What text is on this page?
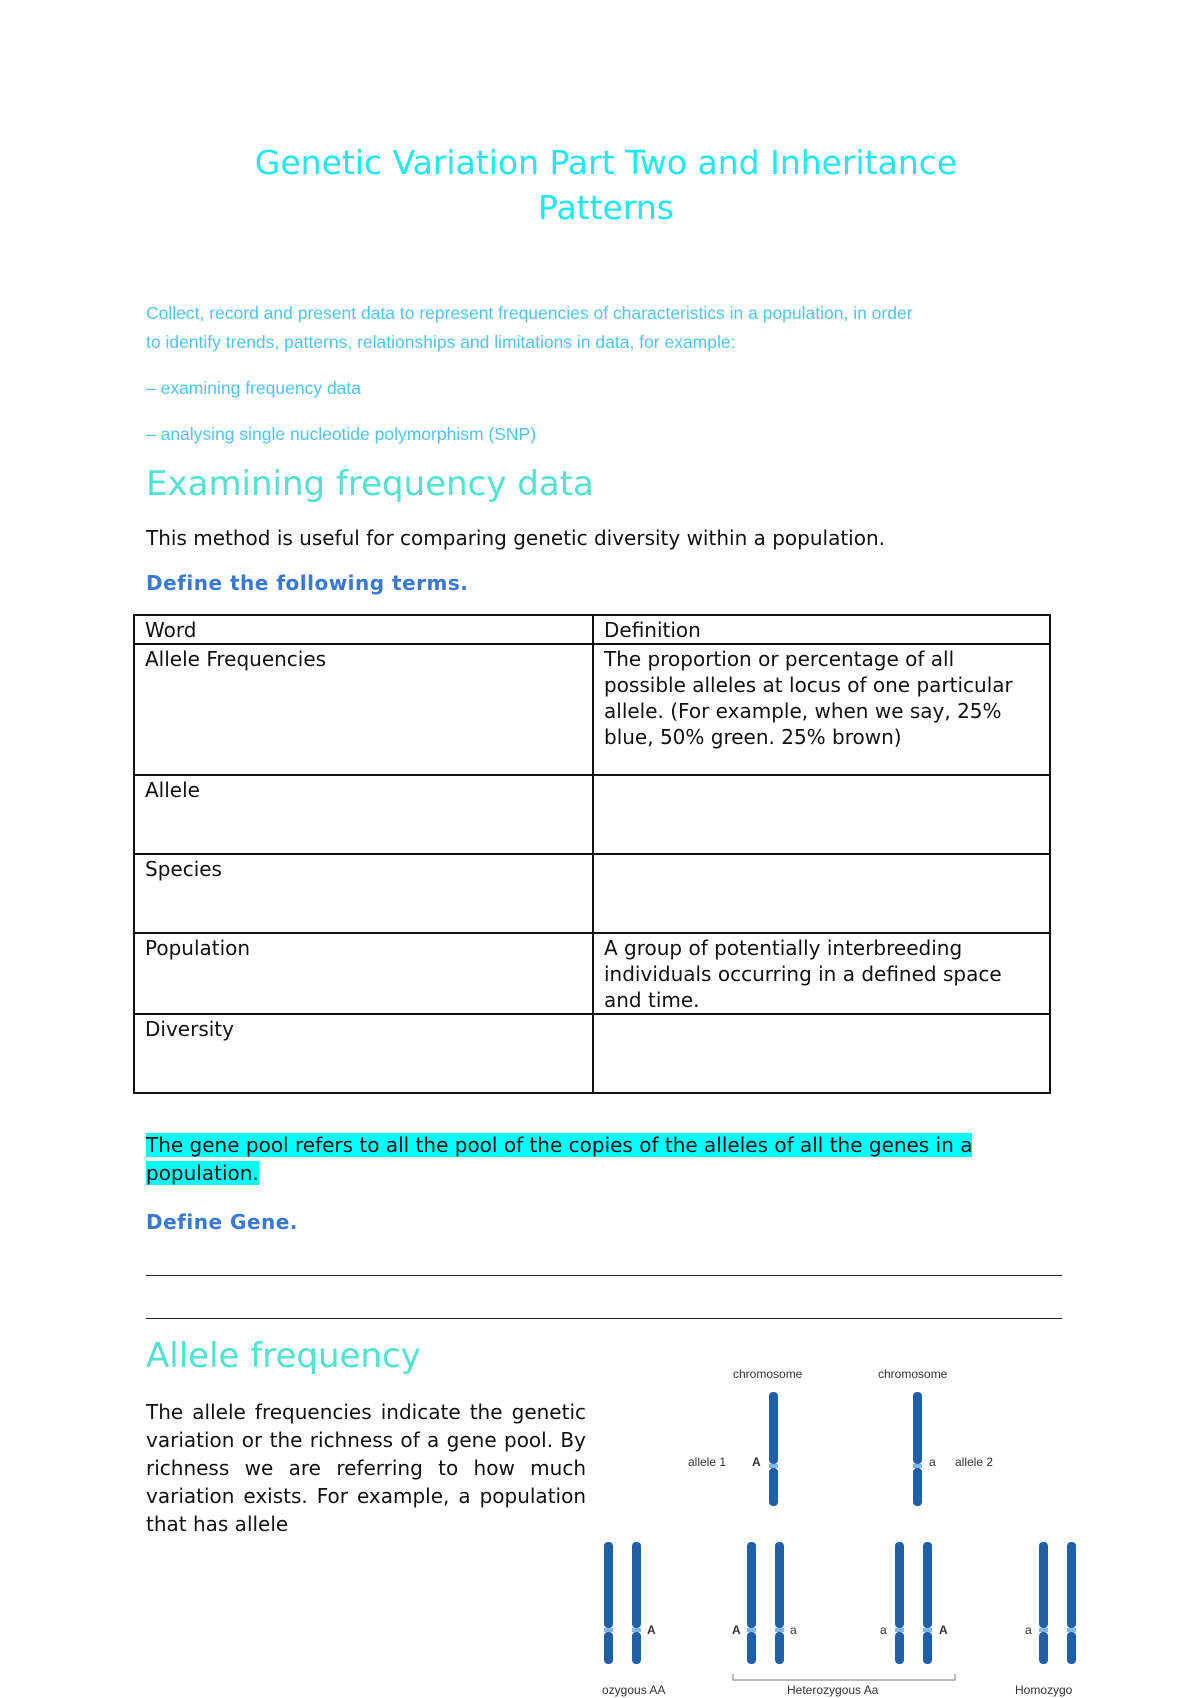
Genetic Variation Part Two and Inheritance
Patterns

Collect, record and present data to represent frequencies of characteristics in a population, in order
to identify trends, patterns, relationships and limitations in data, for example:

– examining frequency data

– analysing single nucleotide polymorphism (SNP)

Examining frequency data

This method is useful for comparing genetic diversity within a population.

Define the following terms.

Word	Definition
Allele Frequencies	The proportion or percentage of all possible alleles at locus of one particular allele. (For example, when we say, 25% blue, 50% green. 25% brown)
Allele	
Species	
Population	A group of potentially interbreeding individuals occurring in a defined space and time.
Diversity	

The gene pool refers to all the pool of the copies of the alleles of all the genes in a population.

Define Gene.

Allele frequency

The allele frequencies indicate the genetic variation or the richness of a gene pool. By richness we are referring to how much variation exists. For example, a population that has allele

chromosome	chromosome
allele 1 A	a allele 2
A	A	a	a	A	a
ozygous AA	Heterozygous Aa	Homozygo
